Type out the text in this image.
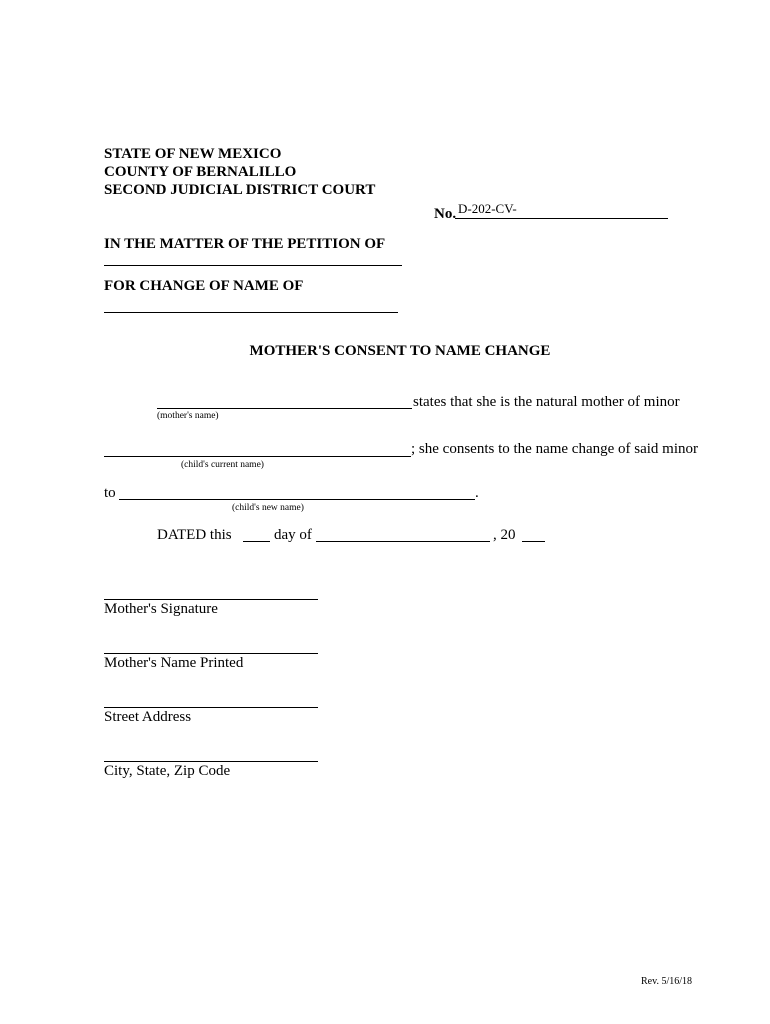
STATE OF NEW MEXICO
COUNTY OF BERNALILLO
SECOND JUDICIAL DISTRICT COURT
No. D-202-CV-
IN THE MATTER OF THE PETITION OF
FOR CHANGE OF NAME OF
MOTHER'S CONSENT TO NAME CHANGE
states that she is the natural mother of minor
(mother's name)
; she consents to the name change of said minor
(child's current name)
to	.
(child's new name)
DATED this	day of	, 20
Mother's Signature
Mother's Name Printed
Street Address
City, State, Zip Code
Rev. 5/16/18
